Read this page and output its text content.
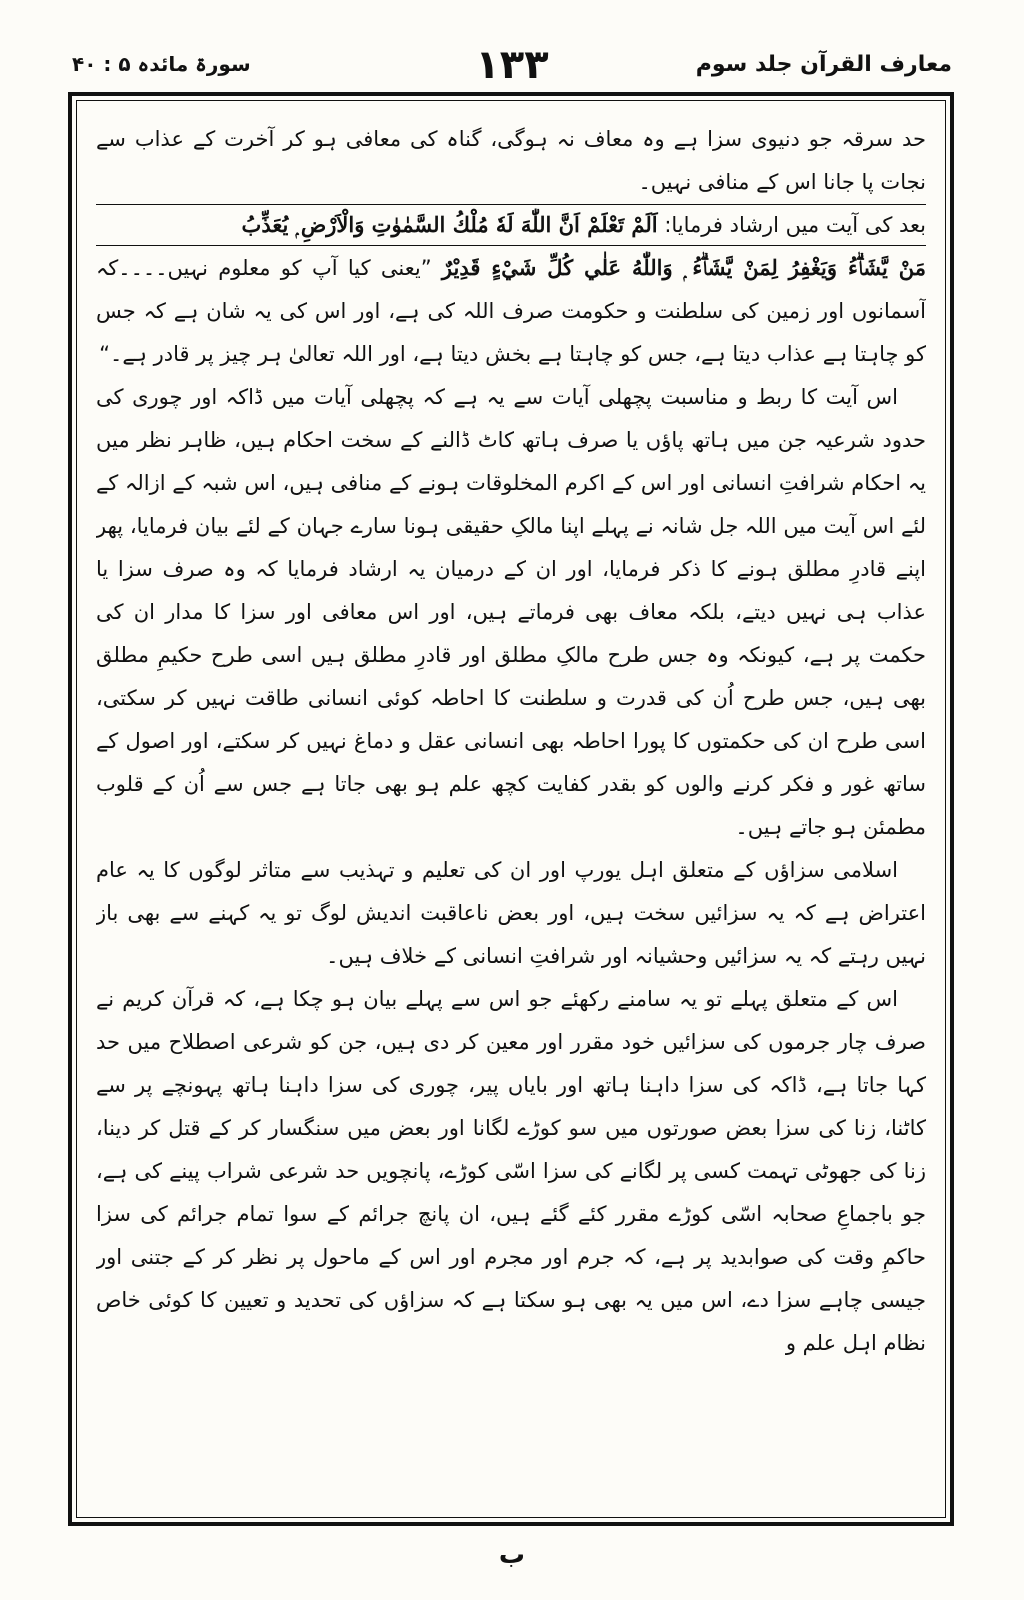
معارف القرآن جلد سوم
۱۳۳
سورۃ مائدہ ۵ : ۴۰

حد سرقہ جو دنیوی سزا ہے وہ معاف نہ ہوگی، گناہ کی معافی ہو کر آخرت کے عذاب سے نجات پا جانا اس کے منافی نہیں۔

بعد کی آیت میں ارشاد فرمایا: اَلَمْ تَعْلَمْ اَنَّ اللّٰهَ لَهٗ مُلْكُ السَّمٰوٰتِ وَالْاَرْضِ ۭ يُعَذِّبُ

مَنْ يَّشَاۗءُ وَيَغْفِرُ لِمَنْ يَّشَاۗءُ ۭ وَاللّٰهُ عَلٰي كُلِّ شَيْءٍ قَدِيْرٌ ”یعنی کیا آپ کو معلوم نہیں۔۔۔۔کہ آسمانوں اور زمین کی سلطنت و حکومت صرف اللہ کی ہے، اور اس کی یہ شان ہے کہ جس کو چاہتا ہے عذاب دیتا ہے، جس کو چاہتا ہے بخش دیتا ہے، اور اللہ تعالیٰ ہر چیز پر قادر ہے۔“

اس آیت کا ربط و مناسبت پچھلی آیات سے یہ ہے کہ پچھلی آیات میں ڈاکہ اور چوری کی حدود شرعیہ جن میں ہاتھ پاؤں یا صرف ہاتھ کاٹ ڈالنے کے سخت احکام ہیں، ظاہر نظر میں یہ احکام شرافتِ انسانی اور اس کے اکرم المخلوقات ہونے کے منافی ہیں، اس شبہ کے ازالہ کے لئے اس آیت میں اللہ جل شانہ نے پہلے اپنا مالکِ حقیقی ہونا سارے جہان کے لئے بیان فرمایا، پھر اپنے قادرِ مطلق ہونے کا ذکر فرمایا، اور ان کے درمیان یہ ارشاد فرمایا کہ وہ صرف سزا یا عذاب ہی نہیں دیتے، بلکہ معاف بھی فرماتے ہیں، اور اس معافی اور سزا کا مدار ان کی حکمت پر ہے، کیونکہ وہ جس طرح مالکِ مطلق اور قادرِ مطلق ہیں اسی طرح حکیمِ مطلق بھی ہیں، جس طرح اُن کی قدرت و سلطنت کا احاطہ کوئی انسانی طاقت نہیں کر سکتی، اسی طرح ان کی حکمتوں کا پورا احاطہ بھی انسانی عقل و دماغ نہیں کر سکتے، اور اصول کے ساتھ غور و فکر کرنے والوں کو بقدر کفایت کچھ علم ہو بھی جاتا ہے جس سے اُن کے قلوب مطمئن ہو جاتے ہیں۔

اسلامی سزاؤں کے متعلق اہل یورپ اور ان کی تعلیم و تہذیب سے متاثر لوگوں کا یہ عام اعتراض ہے کہ یہ سزائیں سخت ہیں، اور بعض ناعاقبت اندیش لوگ تو یہ کہنے سے بھی باز نہیں رہتے کہ یہ سزائیں وحشیانہ اور شرافتِ انسانی کے خلاف ہیں۔

اس کے متعلق پہلے تو یہ سامنے رکھئے جو اس سے پہلے بیان ہو چکا ہے، کہ قرآن کریم نے صرف چار جرموں کی سزائیں خود مقرر اور معین کر دی ہیں، جن کو شرعی اصطلاح میں حد کہا جاتا ہے، ڈاکہ کی سزا داہنا ہاتھ اور بایاں پیر، چوری کی سزا داہنا ہاتھ پہونچے پر سے کاٹنا، زنا کی سزا بعض صورتوں میں سو کوڑے لگانا اور بعض میں سنگسار کر کے قتل کر دینا، زنا کی جھوٹی تہمت کسی پر لگانے کی سزا اسّی کوڑے، پانچویں حد شرعی شراب پینے کی ہے، جو باجماعِ صحابہ اسّی کوڑے مقرر کئے گئے ہیں، ان پانچ جرائم کے سوا تمام جرائم کی سزا حاکمِ وقت کی صوابدید پر ہے، کہ جرم اور مجرم اور اس کے ماحول پر نظر کر کے جتنی اور جیسی چاہے سزا دے، اس میں یہ بھی ہو سکتا ہے کہ سزاؤں کی تحدید و تعیین کا کوئی خاص نظام اہل علم و

ب
